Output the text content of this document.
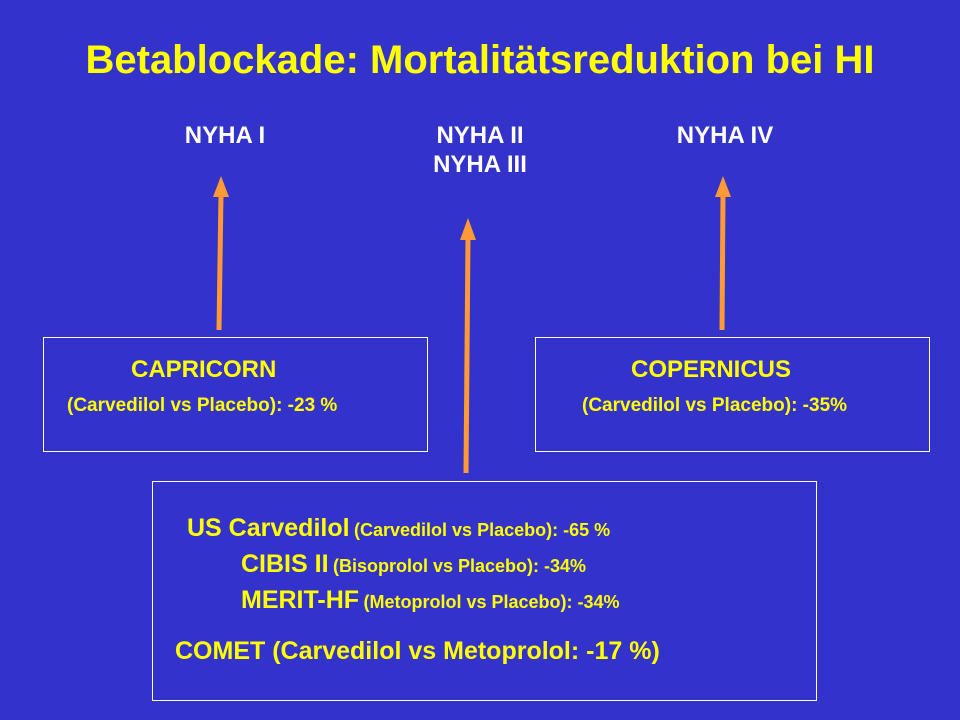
Betablockade: Mortalitätsreduktion bei HI
NYHA I	NYHA II
NYHA III
NYHA IV
CAPRICORN
(Carvedilol vs Placebo): -23 %
COPERNICUS
(Carvedilol vs Placebo): -35%
US Carvedilol (Carvedilol vs Placebo): -65 %
CIBIS II (Bisoprolol vs Placebo): -34%
MERIT-HF (Metoprolol vs Placebo): -34%
COMET (Carvedilol vs Metoprolol: -17 %)
